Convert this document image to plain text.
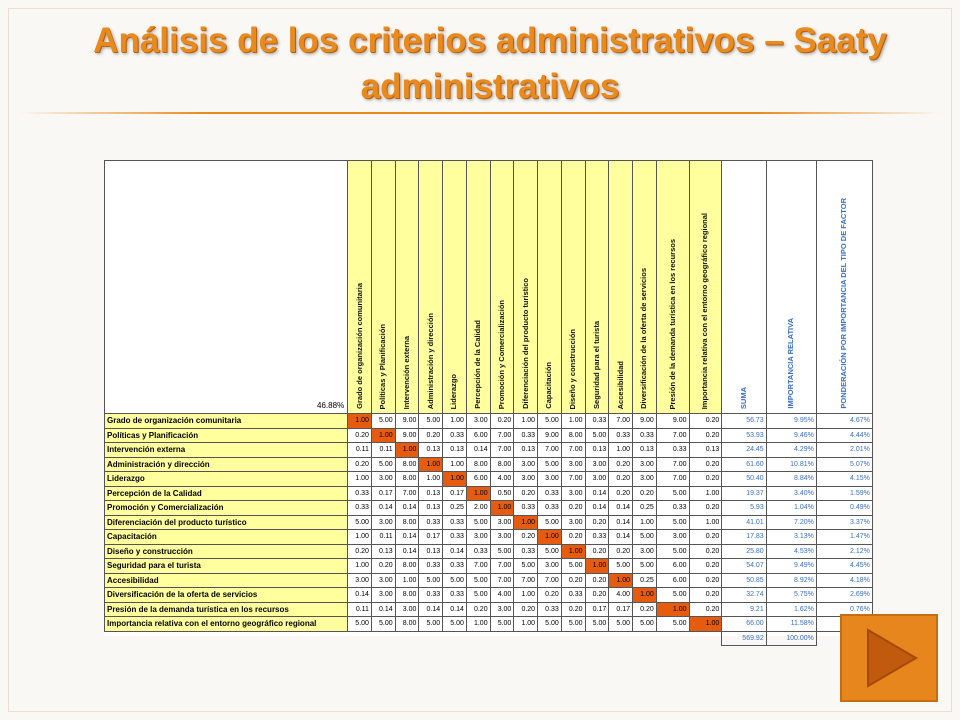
Análisis de los criterios administrativos – Saaty
administrativos
46.88%	Grado de organización comunitaria	Políticas y Planificación	Intervención externa	Administración y dirección	Liderazgo	Percepción de la Calidad	Promoción y Comercialización	Diferenciación del producto turístico	Capacitación	Diseño y construcción	Seguridad para el turista	Accesibilidad	Diversificación de la oferta de servicios	Presión de la demanda turística en los recursos	Importancia relativa con el entorno geográfico regional	SUMA	IMPORTANCIA RELATIVA	PONDERACIÓN POR IMPORTANCIA DEL TIPO DE FACTOR
Grado de organización comunitaria	1.00	5.00	9.00	5.00	1.00	3.00	0.20	1.00	5.00	1.00	0.33	7.00	9.00	9.00	0.20	56.73	9.95%	4.67%
Políticas y Planificación	0.20	1.00	9.00	0.20	0.33	6.00	7.00	0.33	9.00	8.00	5.00	0.33	0.33	7.00	0.20	53.93	9.46%	4.44%
Intervención externa	0.11	0.11	1.00	0.13	0.13	0.14	7.00	0.13	7.00	7.00	0.13	1.00	0.13	0.33	0.13	24.45	4.29%	2.01%
Administración y dirección	0.20	5.00	8.00	1.00	1.00	8.00	8.00	3.00	5.00	3.00	3.00	0.20	3.00	7.00	0.20	61.60	10.81%	5.07%
Liderazgo	1.00	3.00	8.00	1.00	1.00	6.00	4.00	3.00	3.00	7.00	3.00	0.20	3.00	7.00	0.20	50.40	8.84%	4.15%
Percepción de la Calidad	0.33	0.17	7.00	0.13	0.17	1.00	0.50	0.20	0.33	3.00	0.14	0.20	0.20	5.00	1.00	19.37	3.40%	1.59%
Promoción y Comercialización	0.33	0.14	0.14	0.13	0.25	2.00	1.00	0.33	0.33	0.20	0.14	0.14	0.25	0.33	0.20	5.93	1.04%	0.49%
Diferenciación del producto turístico	5.00	3.00	8.00	0.33	0.33	5.00	3.00	1.00	5.00	3.00	0.20	0.14	1.00	5.00	1.00	41.01	7.20%	3.37%
Capacitación	1.00	0.11	0.14	0.17	0.33	3.00	3.00	0.20	1.00	0.20	0.33	0.14	5.00	3.00	0.20	17.83	3.13%	1.47%
Diseño y construcción	0.20	0.13	0.14	0.13	0.14	0.33	5.00	0.33	5.00	1.00	0.20	0.20	3.00	5.00	0.20	25.80	4.53%	2.12%
Seguridad para el turista	1.00	0.20	8.00	0.33	0.33	7.00	7.00	5.00	3.00	5.00	1.00	5.00	5.00	6.00	0.20	54.07	9.49%	4.45%
Accesibilidad	3.00	3.00	1.00	5.00	5.00	5.00	7.00	7.00	7.00	0.20	0.20	1.00	0.25	6.00	0.20	50.85	8.92%	4.18%
Diversificación de la oferta de servicios	0.14	3.00	8.00	0.33	0.33	5.00	4.00	1.00	0.20	0.33	0.20	4.00	1.00	5.00	0.20	32.74	5.75%	2.69%
Presión de la demanda turística en los recursos	0.11	0.14	3.00	0.14	0.14	0.20	3.00	0.20	0.33	0.20	0.17	0.17	0.20	1.00	0.20	9.21	1.62%	0.76%
Importancia relativa con el entorno geográfico regional	5.00	5.00	8.00	5.00	5.00	1.00	5.00	1.00	5.00	5.00	5.00	5.00	5.00	5.00	1.00	66.00	11.58%	
																569.92	100.00%	
